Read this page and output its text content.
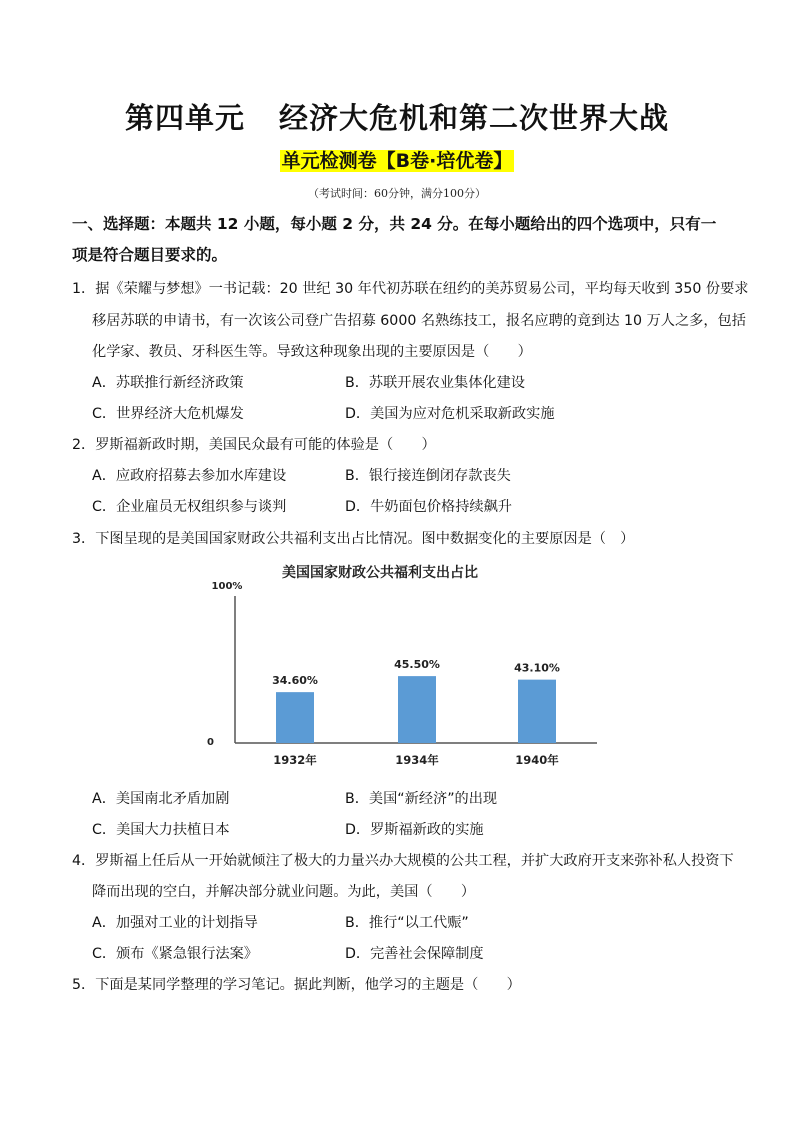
第四单元 经济大危机和第二次世界大战
单元检测卷【B卷·培优卷】
（考试时间：60分钟，满分100分）
一、选择题：本题共 12 小题，每小题 2 分，共 24 分。在每小题给出的四个选项中，只有一
项是符合题目要求的。
1．据《荣耀与梦想》一书记载：20 世纪 30 年代初苏联在纽约的美苏贸易公司，平均每天收到 350 份要求
移居苏联的申请书，有一次该公司登广告招募 6000 名熟练技工，报名应聘的竟到达 10 万人之多，包括
化学家、教员、牙科医生等。导致这种现象出现的主要原因是（　　）
A．苏联推行新经济政策	B．苏联开展农业集体化建设
C．世界经济大危机爆发	D．美国为应对危机采取新政实施
2．罗斯福新政时期，美国民众最有可能的体验是（　　）
A．应政府招募去参加水库建设	B．银行接连倒闭存款丧失
C．企业雇员无权组织参与谈判	D．牛奶面包价格持续飙升
3．下图呈现的是美国国家财政公共福利支出占比情况。图中数据变化的主要原因是（　）
美国国家财政公共福利支出占比
100%
0
34.60%
1932年
45.50%
1934年
43.10%
1940年
A．美国南北矛盾加剧	B．美国“新经济”的出现
C．美国大力扶植日本	D．罗斯福新政的实施
4．罗斯福上任后从一开始就倾注了极大的力量兴办大规模的公共工程，并扩大政府开支来弥补私人投资下
降而出现的空白，并解决部分就业问题。为此，美国（　　）
A．加强对工业的计划指导	B．推行“以工代赈”
C．颁布《紧急银行法案》	D．完善社会保障制度
5．下面是某同学整理的学习笔记。据此判断，他学习的主题是（　　）
